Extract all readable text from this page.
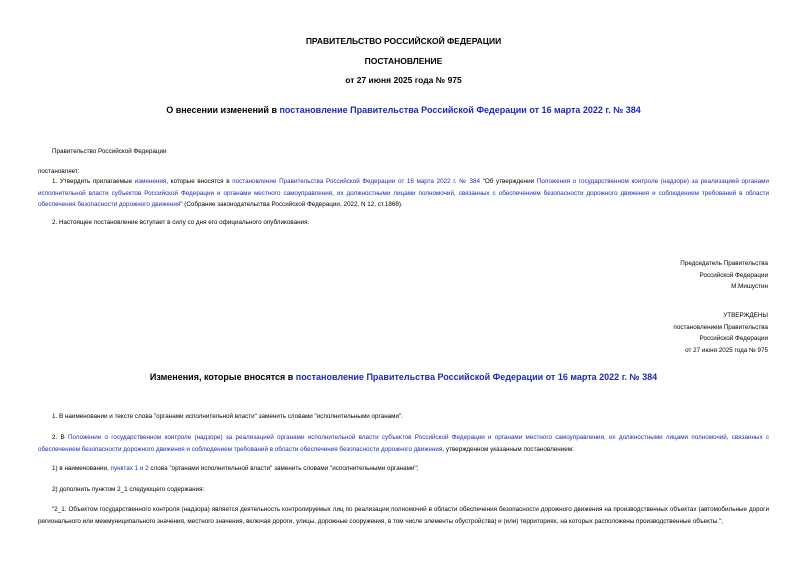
ПРАВИТЕЛЬСТВО РОССИЙСКОЙ ФЕДЕРАЦИИ
ПОСТАНОВЛЕНИЕ
от 27 июня 2025 года № 975
О внесении изменений в постановление Правительства Российской Федерации от 16 марта 2022 г. № 384
Правительство Российской Федерации
постановляет:
1. Утвердить прилагаемые изменения, которые вносятся в постановление Правительства Российской Федерации от 16 марта 2022 г. № 384 "Об утверждении Положения о государственном контроле (надзоре) за реализацией органами исполнительной власти субъектов Российской Федерации и органами местного самоуправления, их должностными лицами полномочий, связанных с обеспечением безопасности дорожного движения и соблюдением требований в области обеспечения безопасности дорожного движения" (Собрание законодательства Российской Федерации, 2022, N 12, ст.1868).
2. Настоящее постановление вступает в силу со дня его официального опубликования.
Председатель Правительства
Российской Федерации
М.Мишустин
УТВЕРЖДЕНЫ
постановлением Правительства
Российской Федерации
от 27 июня 2025 года № 975
Изменения, которые вносятся в постановление Правительства Российской Федерации от 16 марта 2022 г. № 384
1. В наименовании и тексте слова "органами исполнительной власти" заменить словами "исполнительными органами".
2. В Положении о государственном контроле (надзоре) за реализацией органами исполнительной власти субъектов Российской Федерации и органами местного самоуправления, их должностными лицами полномочий, связанных с обеспечением безопасности дорожного движения и соблюдением требований в области обеспечения безопасности дорожного движения, утвержденном указанным постановлением:
1) в наименовании, пунктах 1 и 2 слова "органами исполнительной власти" заменить словами "исполнительными органами";
2) дополнить пунктом 2_1 следующего содержания:
"2_1. Объектом государственного контроля (надзора) является деятельность контролируемых лиц по реализации полномочий в области обеспечения безопасности дорожного движения на производственных объектах (автомобильные дороги регионального или межмуниципального значения, местного значения, включая дороги, улицы, дорожные сооружения, в том числе элементы обустройства) и (или) территориях, на которых расположены производственные объекты.";
